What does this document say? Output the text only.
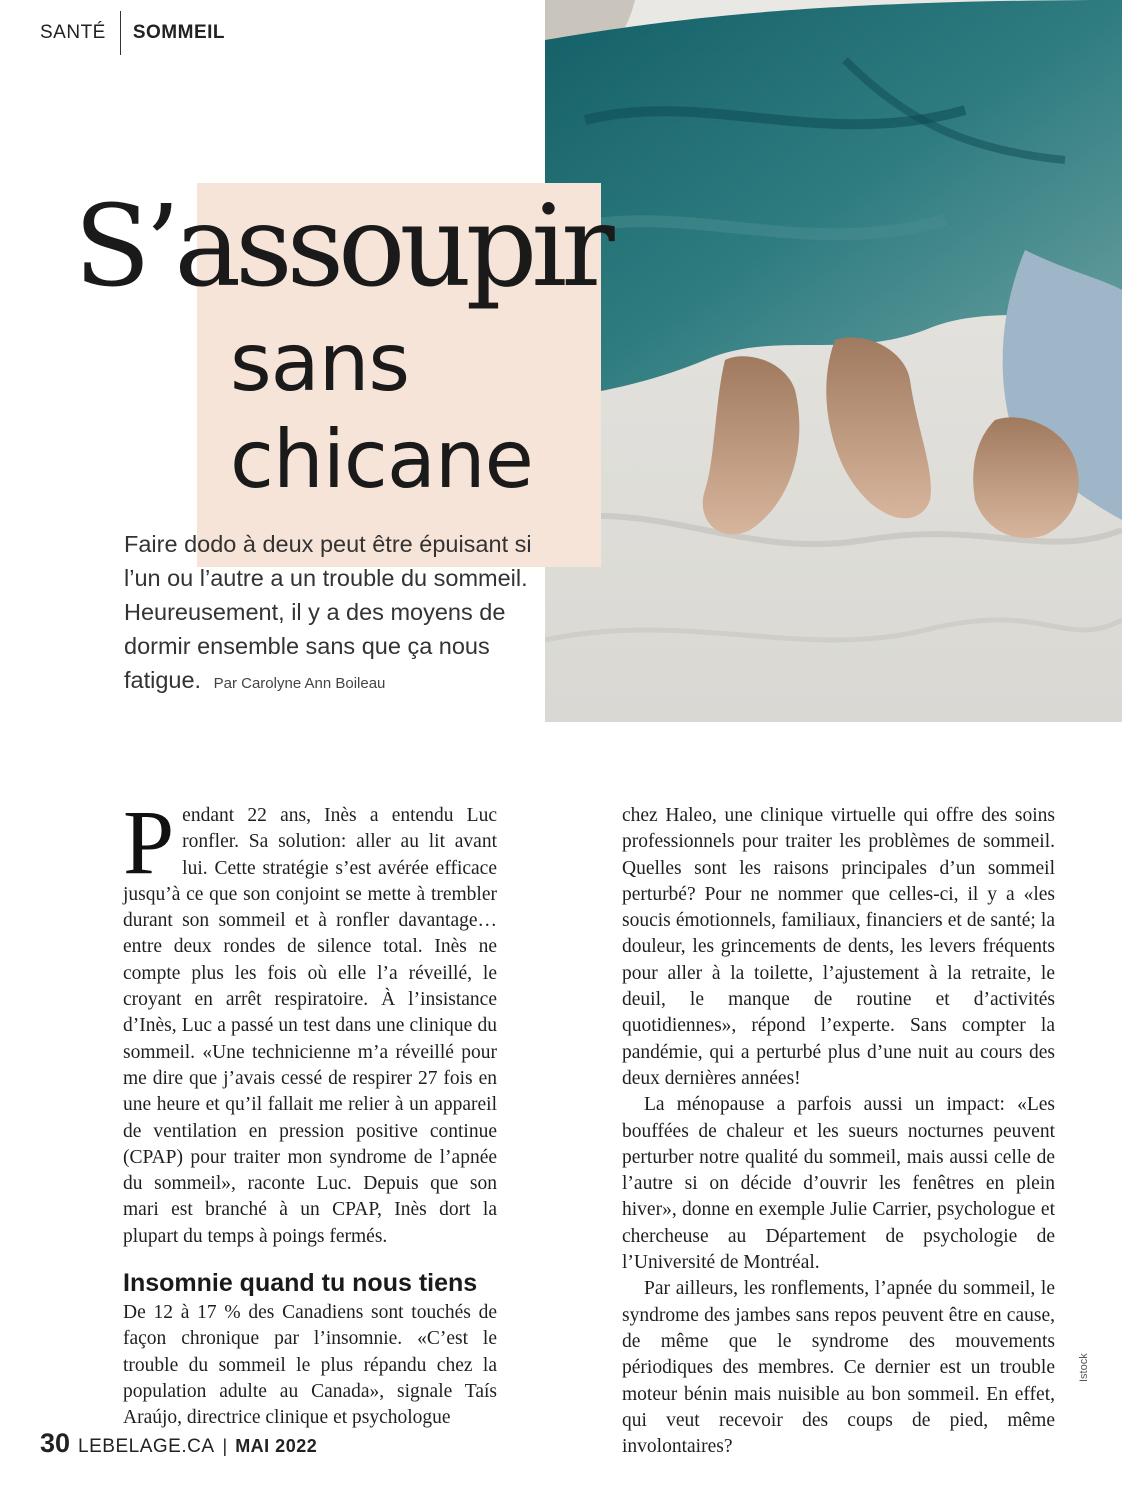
SANTÉ SOMMEIL
S’assoupir
sans
chicane
Faire dodo à deux peut être épuisant si l’un ou l’autre a un trouble du sommeil. Heureusement, il y a des moyens de dormir ensemble sans que ça nous fatigue. Par Carolyne Ann Boileau

Pendant 22 ans, Inès a entendu Luc ronfler. Sa solution: aller au lit avant lui. Cette stratégie s’est avérée efficace jusqu’à ce que son conjoint se mette à trembler durant son sommeil et à ronfler davantage… entre deux rondes de silence total. Inès ne compte plus les fois où elle l’a réveillé, le croyant en arrêt respiratoire. À l’insistance d’Inès, Luc a passé un test dans une clinique du sommeil. «Une technicienne m’a réveillé pour me dire que j’avais cessé de respirer 27 fois en une heure et qu’il fallait me relier à un appareil de ventilation en pression positive continue (CPAP) pour traiter mon syndrome de l’apnée du sommeil», raconte Luc. Depuis que son mari est branché à un CPAP, Inès dort la plupart du temps à poings fermés.

Insomnie quand tu nous tiens

De 12 à 17 % des Canadiens sont touchés de façon chronique par l’insomnie. «C’est le trouble du sommeil le plus répandu chez la population adulte au Canada», signale Taís Araújo, directrice clinique et psychologue

chez Haleo, une clinique virtuelle qui offre des soins professionnels pour traiter les problèmes de sommeil. Quelles sont les raisons principales d’un sommeil perturbé? Pour ne nommer que celles-ci, il y a «les soucis émotionnels, familiaux, financiers et de santé; la douleur, les grincements de dents, les levers fréquents pour aller à la toilette, l’ajustement à la retraite, le deuil, le manque de routine et d’activités quotidiennes», répond l’experte. Sans compter la pandémie, qui a perturbé plus d’une nuit au cours des deux dernières années!

La ménopause a parfois aussi un impact: «Les bouffées de chaleur et les sueurs nocturnes peuvent perturber notre qualité du sommeil, mais aussi celle de l’autre si on décide d’ouvrir les fenêtres en plein hiver», donne en exemple Julie Carrier, psychologue et chercheuse au Département de psychologie de l’Université de Montréal.

Par ailleurs, les ronflements, l’apnée du sommeil, le syndrome des jambes sans repos peuvent être en cause, de même que le syndrome des mouvements périodiques des membres. Ce dernier est un trouble moteur bénin mais nuisible au bon sommeil. En effet, qui veut recevoir des coups de pied, même involontaires?

Istock
30 LEBELAGE.CA | MAI 2022
